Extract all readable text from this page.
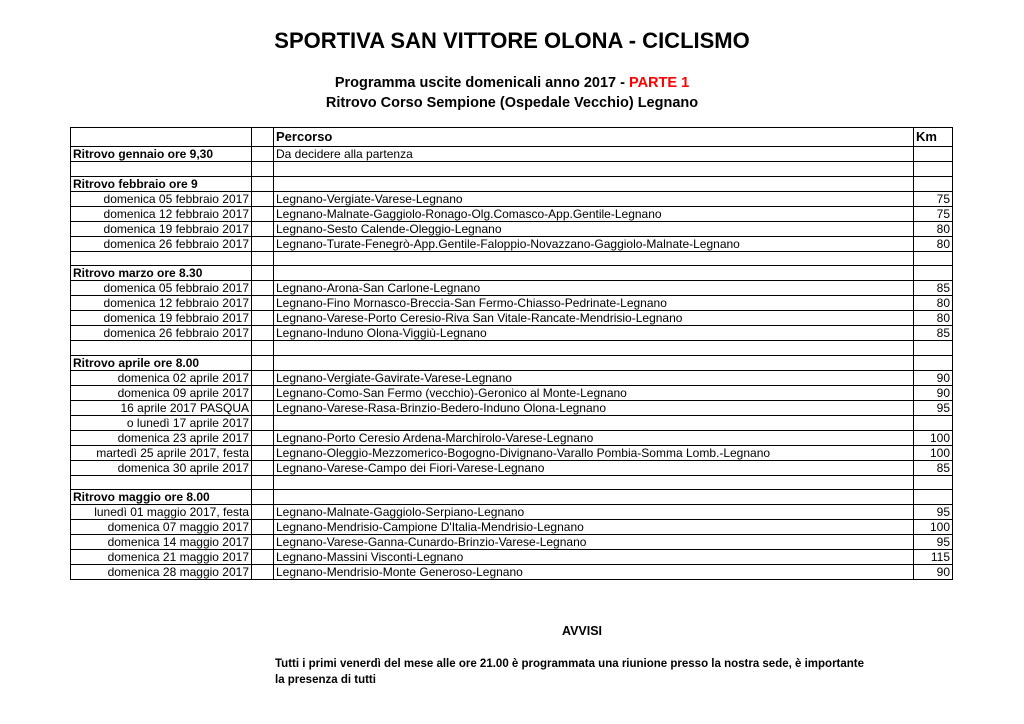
SPORTIVA SAN VITTORE OLONA - CICLISMO
Programma uscite domenicali anno 2017 - PARTE 1
Ritrovo Corso Sempione (Ospedale Vecchio) Legnano
		Percorso	Km
Ritrovo gennaio ore 9,30		Da decidere alla partenza	

Ritrovo febbraio ore 9			
domenica 05 febbraio 2017		Legnano-Vergiate-Varese-Legnano	75
domenica 12 febbraio 2017		Legnano-Malnate-Gaggiolo-Ronago-Olg.Comasco-App.Gentile-Legnano	75
domenica 19 febbraio 2017		Legnano-Sesto Calende-Oleggio-Legnano	80
domenica 26 febbraio 2017		Legnano-Turate-Fenegrò-App.Gentile-Faloppio-Novazzano-Gaggiolo-Malnate-Legnano	80

Ritrovo marzo ore 8.30			
domenica 05 febbraio 2017		Legnano-Arona-San Carlone-Legnano	85
domenica 12 febbraio 2017		Legnano-Fino Mornasco-Breccia-San Fermo-Chiasso-Pedrinate-Legnano	80
domenica 19 febbraio 2017		Legnano-Varese-Porto Ceresio-Riva San Vitale-Rancate-Mendrisio-Legnano	80
domenica 26 febbraio 2017		Legnano-Induno Olona-Viggiù-Legnano	85

Ritrovo aprile ore 8.00			
domenica 02 aprile 2017		Legnano-Vergiate-Gavirate-Varese-Legnano	90
domenica 09 aprile 2017		Legnano-Como-San Fermo (vecchio)-Geronico al Monte-Legnano	90
16 aprile 2017 PASQUA		Legnano-Varese-Rasa-Brinzio-Bedero-Induno Olona-Legnano	95
o lunedì 17 aprile 2017			
domenica 23 aprile 2017		Legnano-Porto Ceresio Ardena-Marchirolo-Varese-Legnano	100
martedì 25 aprile 2017, festa		Legnano-Oleggio-Mezzomerico-Bogogno-Divignano-Varallo Pombia-Somma Lomb.-Legnano	100
domenica 30 aprile 2017		Legnano-Varese-Campo dei Fiori-Varese-Legnano	85

Ritrovo maggio ore 8.00			
lunedì 01 maggio 2017, festa		Legnano-Malnate-Gaggiolo-Serpiano-Legnano	95
domenica 07 maggio 2017		Legnano-Mendrisio-Campione D'Italia-Mendrisio-Legnano	100
domenica 14 maggio 2017		Legnano-Varese-Ganna-Cunardo-Brinzio-Varese-Legnano	95
domenica 21 maggio 2017		Legnano-Massini Visconti-Legnano	115
domenica 28 maggio 2017		Legnano-Mendrisio-Monte Generoso-Legnano	90
AVVISI
Tutti i primi venerdì del mese alle ore 21.00 è programmata una riunione presso la nostra sede, è importante la presenza di tutti
